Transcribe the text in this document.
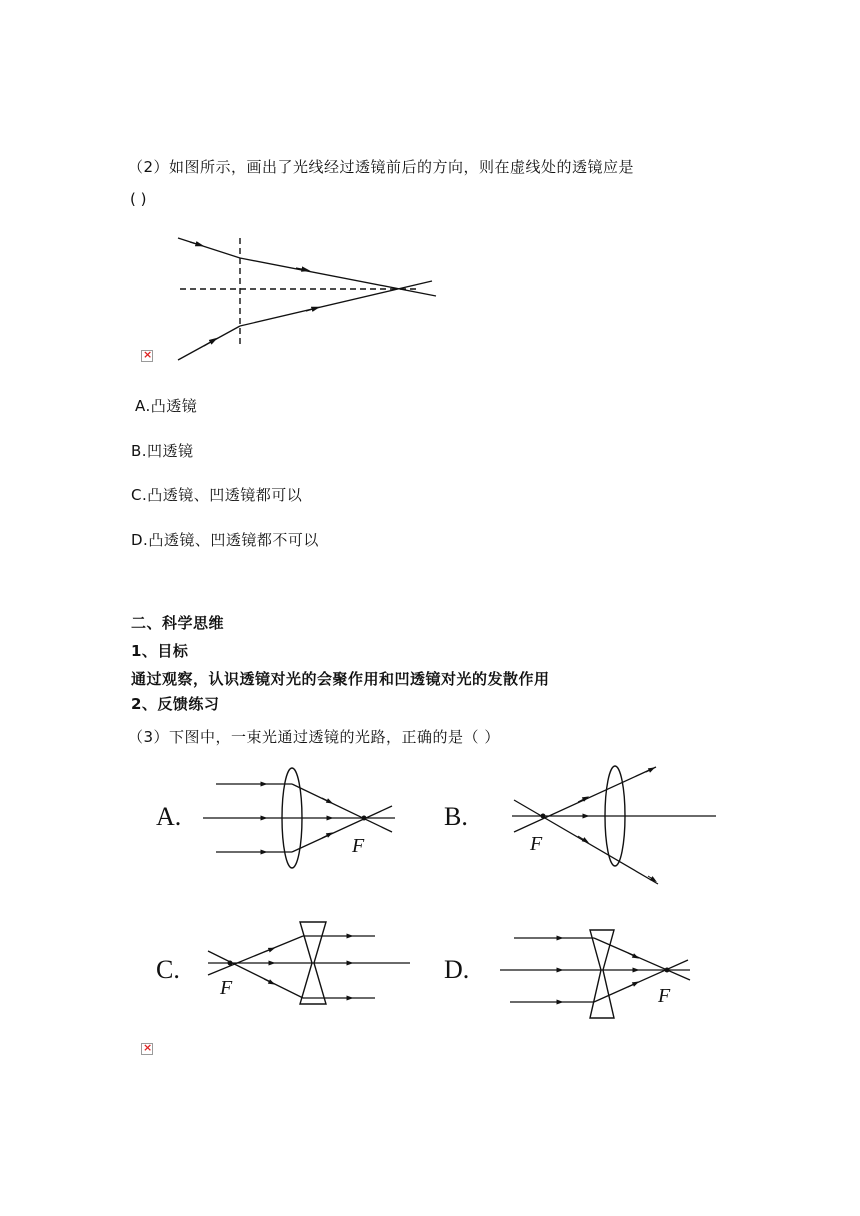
（2）如图所示，画出了光线经过透镜前后的方向，则在虚线处的透镜应是
( )
×
A.凸透镜
B.凹透镜
C.凸透镜、凹透镜都可以
D.凸透镜、凹透镜都不可以
二、科学思维
1、目标
通过观察，认识透镜对光的会聚作用和凹透镜对光的发散作用
2、反馈练习
（3）下图中，一束光通过透镜的光路，正确的是（ ）
A.	B.
C.	D.
F	F
F	F
×
